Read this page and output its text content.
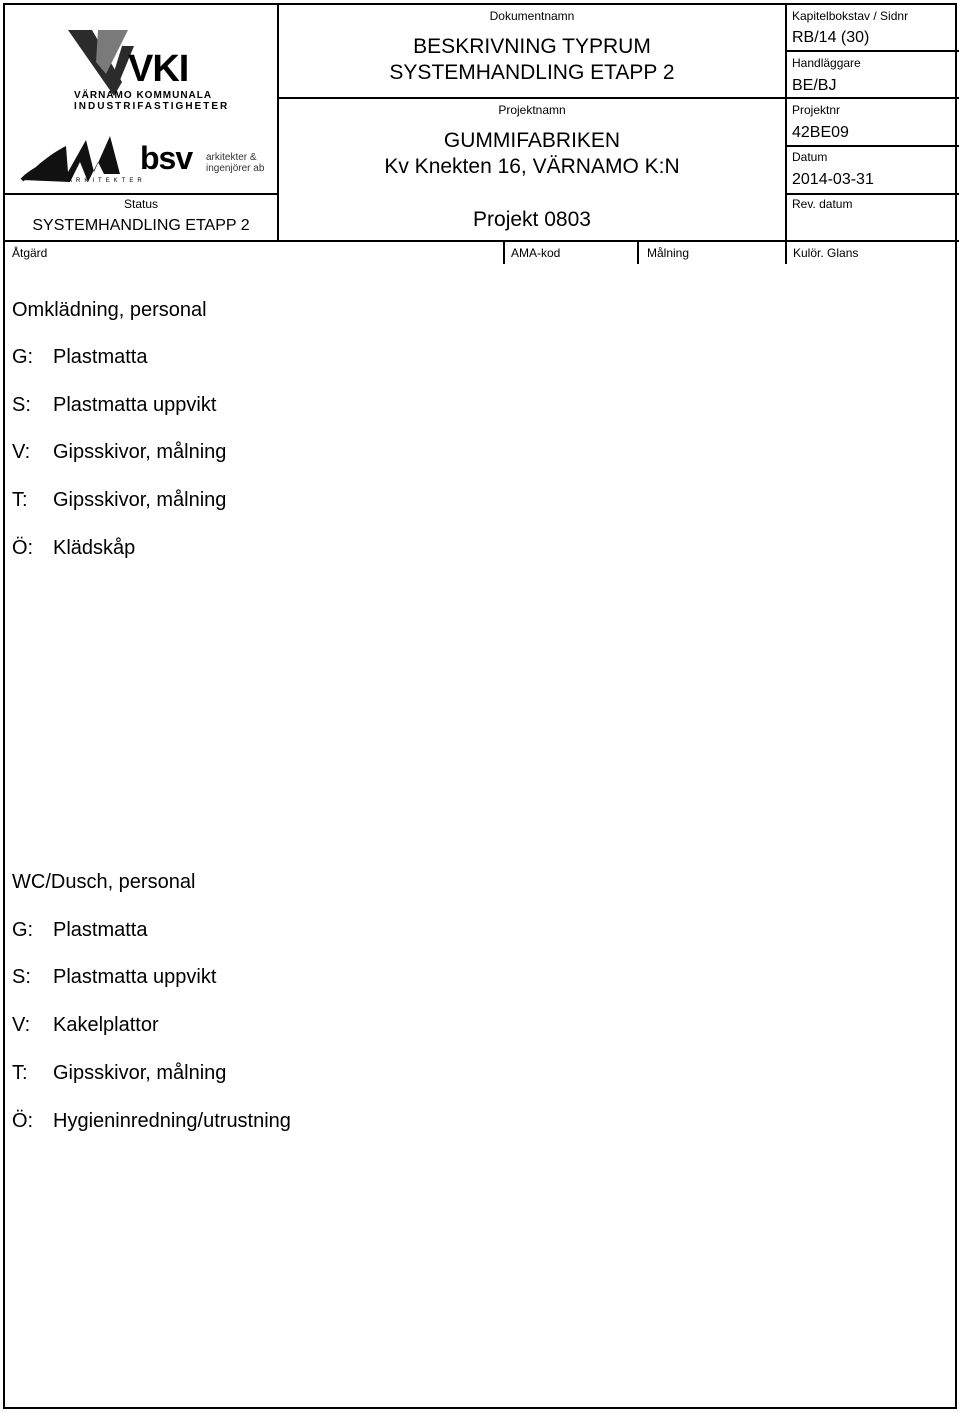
VKI
VÄRNAMO KOMMUNALA
INDUSTRIFASTIGHETER
ARKITEKTER
bsv arkitekter &
ingenjörer ab
Status
SYSTEMHANDLING ETAPP 2
Dokumentnamn
BESKRIVNING TYPRUM
SYSTEMHANDLING ETAPP 2
Projektnamn
GUMMIFABRIKEN
Kv Knekten 16, VÄRNAMO K:N
Projekt 0803
Kapitelbokstav / Sidnr
RB/14 (30)
Handläggare
BE/BJ
Projektnr
42BE09
Datum
2014-03-31
Rev. datum
Åtgärd	AMA-kod	Målning	Kulör. Glans
Omklädning, personal
G: Plastmatta
S: Plastmatta uppvikt
V: Gipsskivor, målning
T: Gipsskivor, målning
Ö: Klädskåp
WC/Dusch, personal
G: Plastmatta
S: Plastmatta uppvikt
V: Kakelplattor
T: Gipsskivor, målning
Ö: Hygieninredning/utrustning
